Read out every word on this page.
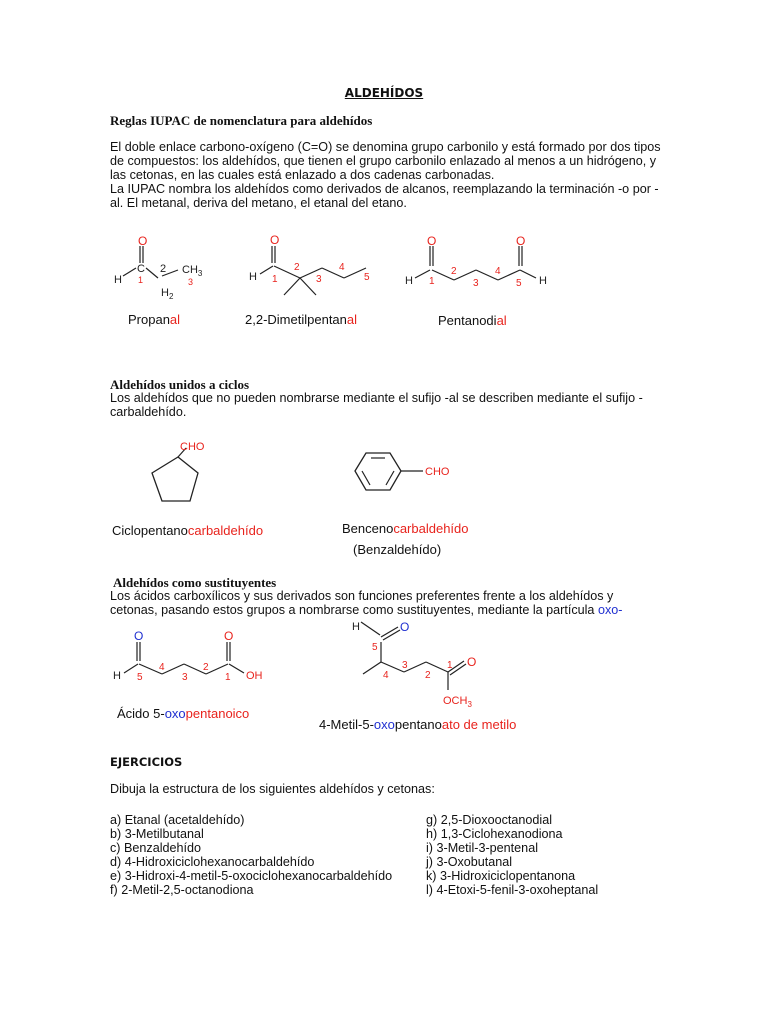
ALDEHÍDOS
Reglas IUPAC de nomenclatura para aldehídos

El doble enlace carbono-oxígeno (C=O) se denomina grupo carbonilo y está formado por dos tipos de compuestos: los aldehídos, que tienen el grupo carbonilo enlazado al menos a un hidrógeno, y las cetonas, en las cuales está enlazado a dos cadenas carbonadas.

La IUPAC nombra los aldehídos como derivados de alcanos, reemplazando la terminación -o por -al. El metanal, deriva del metano, el etanal del etano.

O
H
C
1
2
$H_2$
$CH_3$
3
Propanal
O
H 1
2
3
4
5
2,2-Dimetilpentanal
O	O
H	H
1
2
3
4
5
Pentanodial
Aldehídos unidos a ciclos

Los aldehídos que no pueden nombrarse mediante el sufijo -al se describen mediante el sufijo -carbaldehído.

CHO
Ciclopentanocarbaldehído
CHO
Bencenocarbaldehído
(Benzaldehído)
Aldehídos como sustituyentes

Los ácidos carboxílicos y sus derivados son funciones preferentes frente a los aldehídos y cetonas, pasando estos grupos a nombrarse como sustituyentes, mediante la partícula oxo-

O	O
H	OH
5
4
3
2
1
Ácido 5-oxopentanoico
H	O
O
$OCH_3$
5
4
3
2
1
4-Metil-5-oxopentanoato de metilo
EJERCICIOS
Dibuja la estructura de los siguientes aldehídos y cetonas:
a) Etanal (acetaldehído)
b) 3-Metilbutanal
c) Benzaldehído
d) 4-Hidroxiciclohexanocarbaldehído
e) 3-Hidroxi-4-metil-5-oxociclohexanocarbaldehído
f) 2-Metil-2,5-octanodiona
g) 2,5-Dioxooctanodial
h) 1,3-Ciclohexanodiona
i) 3-Metil-3-pentenal
j) 3-Oxobutanal
k) 3-Hidroxiciclopentanona
l) 4-Etoxi-5-fenil-3-oxoheptanal
